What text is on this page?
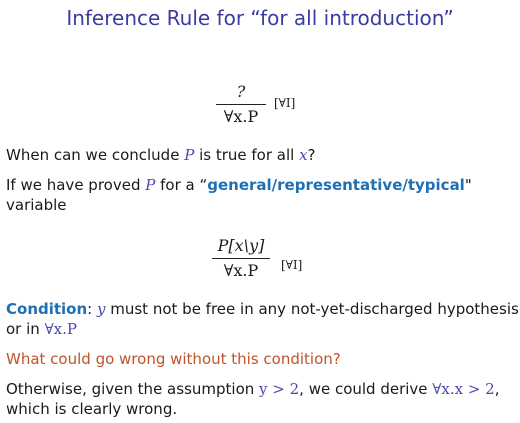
Inference Rule for “for all introduction”
?
∀x.P
[∀I]
When can we conclude P is true for all x?
If we have proved P for a “general/representative/typical"
variable
P[x\y]
∀x.P	[∀I]
Condition: y must not be free in any not-yet-discharged hypothesis
or in ∀x.P
What could go wrong without this condition?
Otherwise, given the assumption y > 2, we could derive ∀x.x > 2,
which is clearly wrong.
